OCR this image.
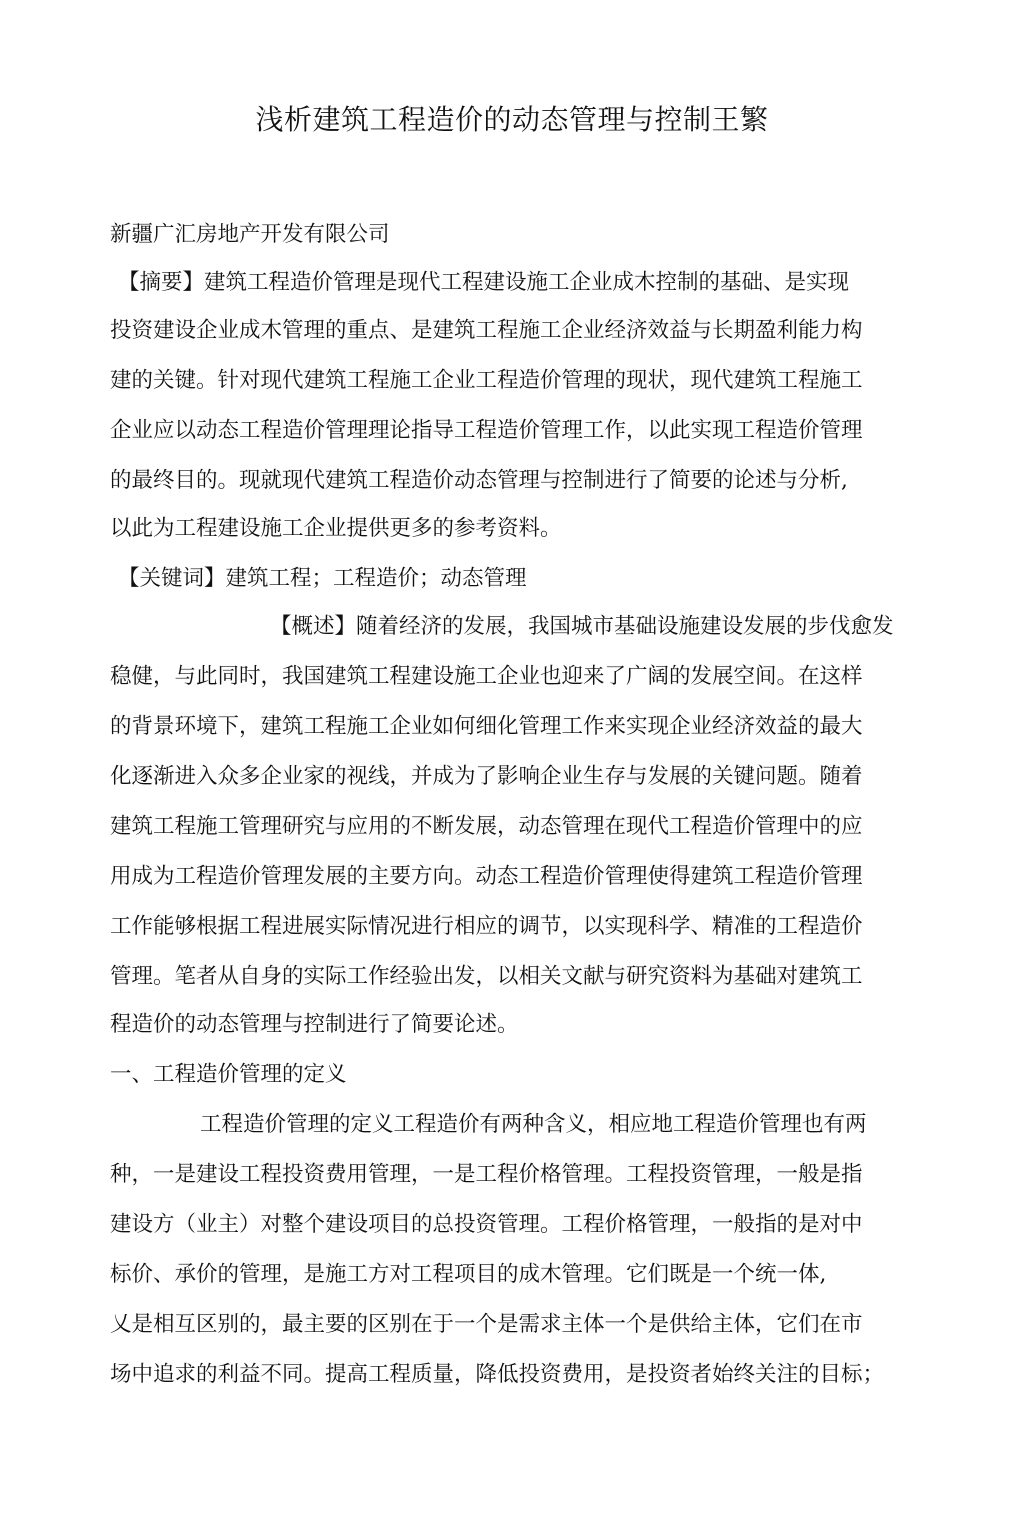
浅析建筑工程造价的动态管理与控制王繁

新疆广汇房地产开发有限公司

【摘要】建筑工程造价管理是现代工程建设施工企业成木控制的基础、是实现

投资建设企业成木管理的重点、是建筑工程施工企业经济效益与长期盈利能力构

建的关键。针对现代建筑工程施工企业工程造价管理的现状，现代建筑工程施工

企业应以动态工程造价管理理论指导工程造价管理工作，以此实现工程造价管理

的最终目的。现就现代建筑工程造价动态管理与控制进行了简要的论述与分析,

以此为工程建设施工企业提供更多的参考资料。

【关键词】建筑工程；工程造价；动态管理

【概述】随着经济的发展，我国城市基础设施建设发展的步伐愈发

稳健，与此同时，我国建筑工程建设施工企业也迎来了广阔的发展空间。在这样

的背景环境下，建筑工程施工企业如何细化管理工作来实现企业经济效益的最大

化逐渐进入众多企业家的视线，并成为了影响企业生存与发展的关键问题。随着

建筑工程施工管理研究与应用的不断发展，动态管理在现代工程造价管理中的应

用成为工程造价管理发展的主要方向。动态工程造价管理使得建筑工程造价管理

工作能够根据工程进展实际情况进行相应的调节，以实现科学、精准的工程造价

管理。笔者从自身的实际工作经验出发，以相关文献与研究资料为基础对建筑工

程造价的动态管理与控制进行了简要论述。

一、工程造价管理的定义

工程造价管理的定义工程造价有两种含义，相应地工程造价管理也有两

种，一是建设工程投资费用管理，一是工程价格管理。工程投资管理，一般是指

建设方（业主）对整个建设项目的总投资管理。工程价格管理，一般指的是对中

标价、承价的管理，是施工方对工程项目的成木管理。它们既是一个统一体,

乂是相互区别的，最主要的区别在于一个是需求主体一个是供给主体，它们在市

场中追求的利益不同。提高工程质量，降低投资费用，是投资者始终关注的目标；
